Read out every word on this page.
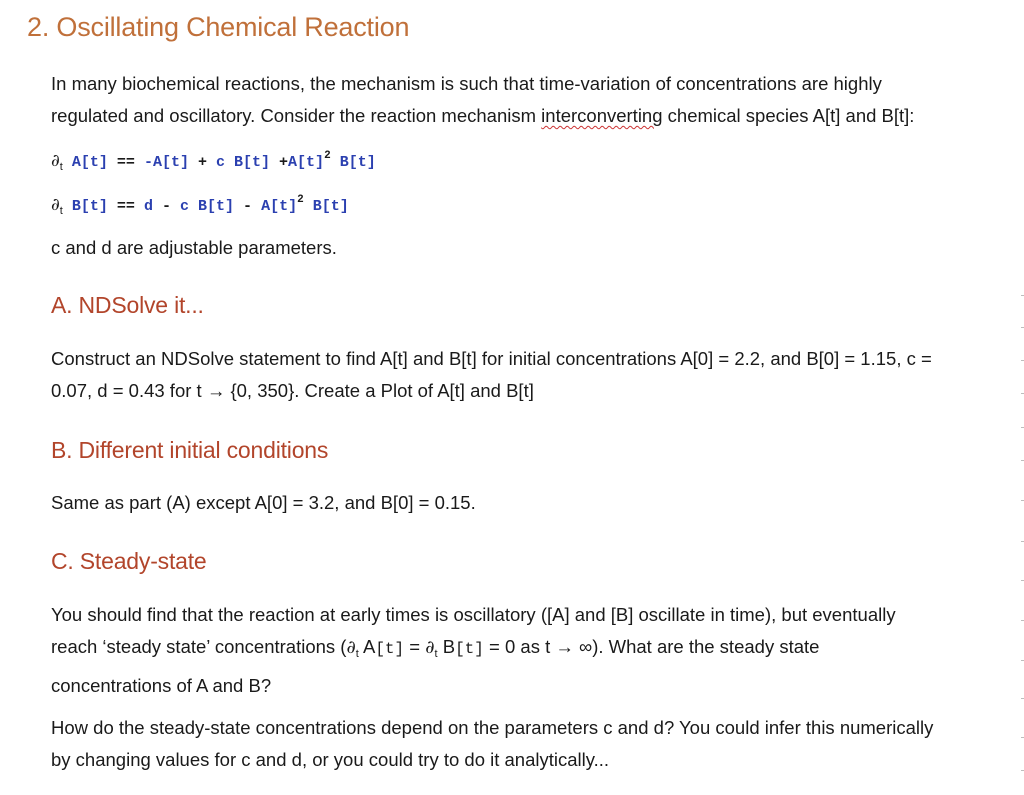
2. Oscillating Chemical Reaction
In many biochemical reactions, the mechanism is such that time-variation of concentrations are highly
regulated and oscillatory. Consider the reaction mechanism interconverting chemical species A[t] and B[t]:
$\partial_t$ A[t] == -A[t] + c $B[t] +A[t]^2$ B[t]
$\partial_t$ B[t] == d - c $B[t] - A[t]^2$ B[t]
c and d are adjustable parameters.
A. NDSolve it...
Construct an NDSolve statement to find A[t] and B[t] for initial concentrations A[0] = 2.2, and B[0] = 1.15, c =
0.07, d = 0.43 for t → {0, 350}. Create a Plot of A[t] and B[t]
B. Different initial conditions
Same as part (A) except A[0] = 3.2, and B[0] = 0.15.
C. Steady-state
You should find that the reaction at early times is oscillatory ([A] and [B] oscillate in time), but eventually
reach ‘steady state’ concentrations ($\partial_t$ $A[t] = \partial_t$ B[t] = 0 as t → ∞). What are the steady state
concentrations of A and B?
How do the steady-state concentrations depend on the parameters c and d? You could infer this numerically
by changing values for c and d, or you could try to do it analytically...
